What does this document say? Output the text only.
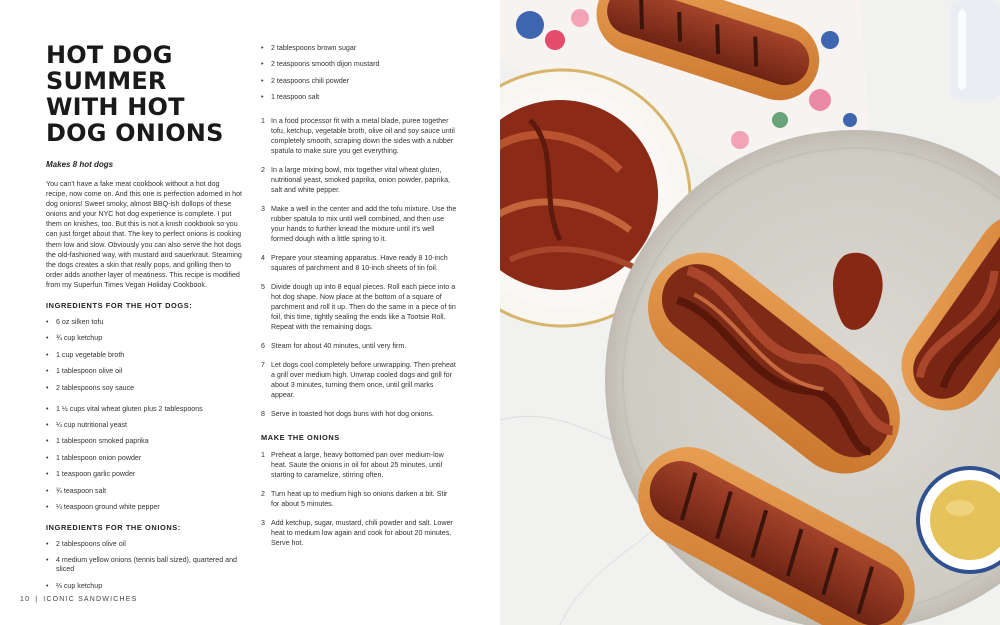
HOT DOG SUMMER WITH HOT DOG ONIONS
Makes 8 hot dogs

You can't have a fake meat cookbook without a hot dog recipe, now come on. And this one is perfection adorned in hot dog onions! Sweet smoky, almost BBQ-ish dollops of these onions and your NYC hot dog experience is complete. I put them on knishes, too. But this is not a knish cookbook so you can just forget about that. The key to perfect onions is cooking them low and slow. Obviously you can also serve the hot dogs the old-fashioned way, with mustard and sauerkraut. Steaming the dogs creates a skin that really pops, and grilling then to order adds another layer of meatiness. This recipe is modified from my Superfun Times Vegan Holiday Cookbook.

INGREDIENTS FOR THE HOT DOGS:
• 6 oz silken tofu
• ¾ cup ketchup
• 1 cup vegetable broth
• 1 tablespoon olive oil
• 2 tablespoons soy sauce
• 1 ½ cups vital wheat gluten plus 2 tablespoons
• ¼ cup nutritional yeast
• 1 tablespoon smoked paprika
• 1 tablespoon onion powder
• 1 teaspoon garlic powder
• ¾ teaspoon salt
• ¼ teaspoon ground white pepper
INGREDIENTS FOR THE ONIONS:
• 2 tablespoons olive oil
• 4 medium yellow onions (tennis ball sized), quartered and sliced
• ⅔ cup ketchup
• 2 tablespoons brown sugar
• 2 teaspoons smooth dijon mustard
• 2 teaspoons chili powder
• 1 teaspoon salt
1 In a food processor fit with a metal blade, puree together tofu, ketchup, vegetable broth, olive oil and soy sauce until completely smooth, scraping down the sides with a rubber spatula to make sure you get everything.
2 In a large mixing bowl, mix together vital wheat gluten, nutritional yeast, smoked paprika, onion powder, paprika, salt and white pepper.
3 Make a well in the center and add the tofu mixture. Use the rubber spatula to mix until well combined, and then use your hands to further knead the mixture until it's well formed dough with a little spring to it.
4 Prepare your steaming apparatus. Have ready 8 10-inch squares of parchment and 8 10-inch sheets of tin foil.
5 Divide dough up into 8 equal pieces. Roll each piece into a hot dog shape. Now place at the bottom of a square of parchment and roll it up. Then do the same in a piece of tin foil, this time, tightly sealing the ends like a Tootsie Roll. Repeat with the remaining dogs.
6 Steam for about 40 minutes, until very firm.
7 Let dogs cool completely before unwrapping. Then preheat a grill over medium high. Unwrap cooled dogs and grill for about 3 minutes, turning them once, until grill marks appear.
8 Serve in toasted hot dogs buns with hot dog onions.
MAKE THE ONIONS
1 Preheat a large, heavy bottomed pan over medium-low heat. Saute the onions in oil for about 25 minutes, until starting to caramelize, stirring often.
2 Turn heat up to medium high so onions darken a bit. Stir for about 5 minutes.
3 Add ketchup, sugar, mustard, chili powder and salt. Lower heat to medium low again and cook for about 20 minutes. Serve hot.
10 | ICONIC SANDWICHES
